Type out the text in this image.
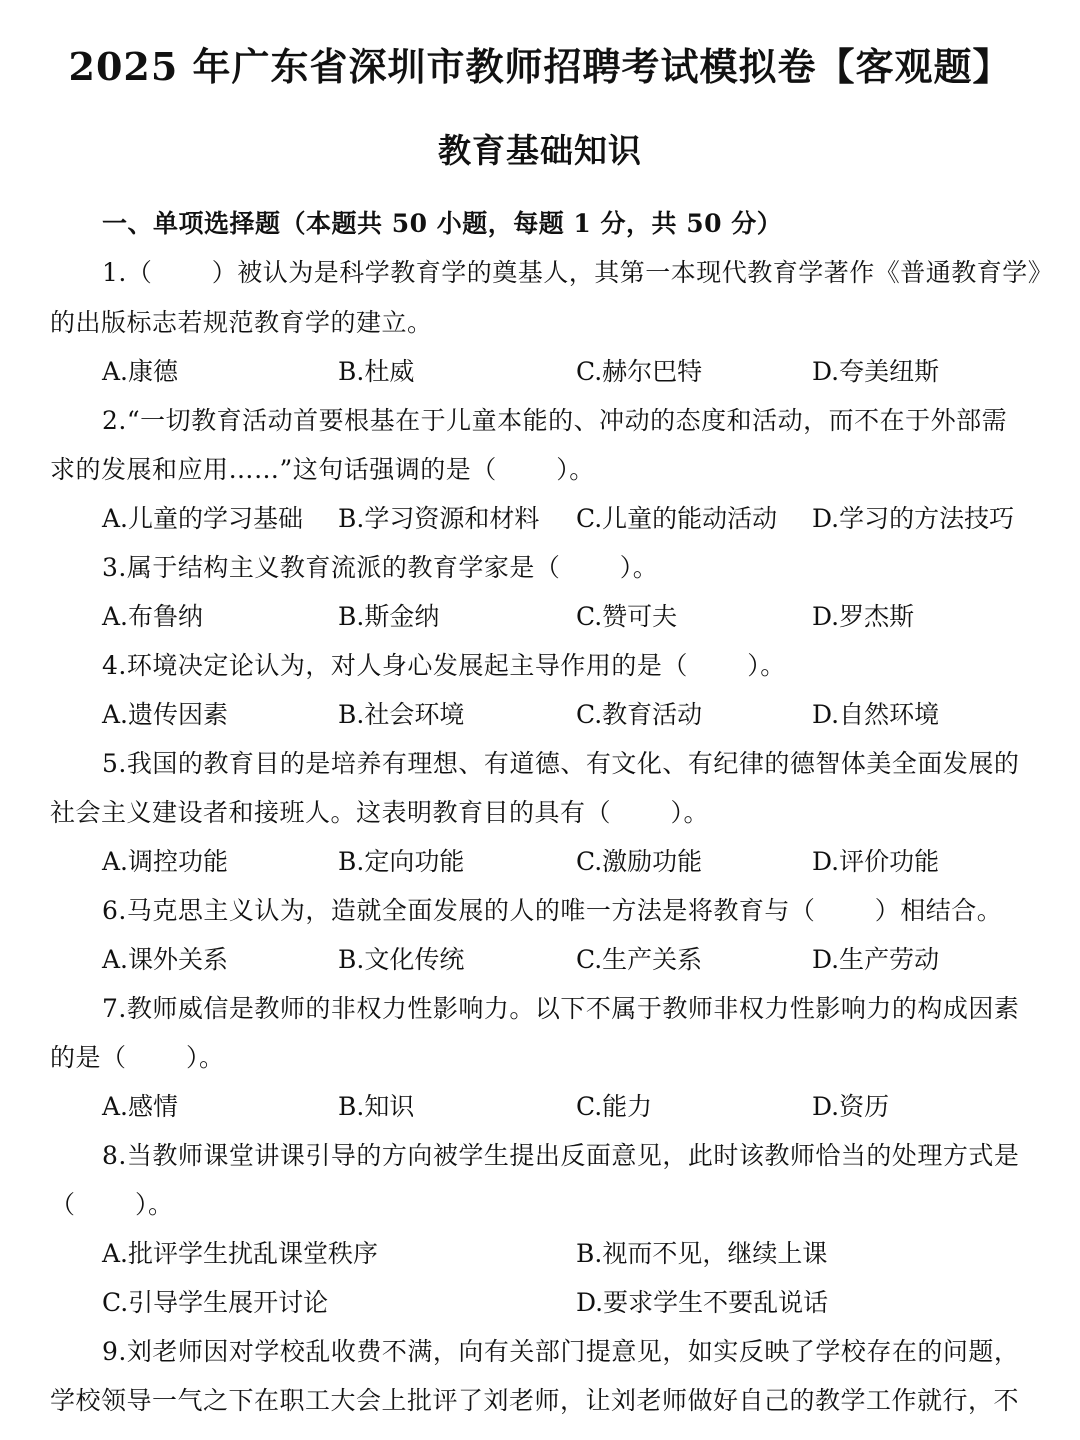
2025 年广东省深圳市教师招聘考试模拟卷【客观题】
教育基础知识
一、单项选择题（本题共 50 小题，每题 1 分，共 50 分）
1.（　　 ）被认为是科学教育学的奠基人，其第一本现代教育学著作《普通教育学》
的出版标志若规范教育学的建立。
A.康德	B.杜威	C.赫尔巴特	D.夸美纽斯
2.“一切教育活动首要根基在于儿童本能的、冲动的态度和活动，而不在于外部需
求的发展和应用……”这句话强调的是（　　 ）。
A.儿童的学习基础 B.学习资源和材料 C.儿童的能动活动 D.学习的方法技巧
3.属于结构主义教育流派的教育学家是（　　 ）。
A.布鲁纳	B.斯金纳	C.赞可夫	D.罗杰斯
4.环境决定论认为，对人身心发展起主导作用的是（　　 ）。
A.遗传因素	B.社会环境	C.教育活动	D.自然环境
5.我国的教育目的是培养有理想、有道德、有文化、有纪律的德智体美全面发展的
社会主义建设者和接班人。这表明教育目的具有（　　 ）。
A.调控功能	B.定向功能	C.激励功能	D.评价功能
6.马克思主义认为，造就全面发展的人的唯一方法是将教育与（　　 ）相结合。
A.课外关系	B.文化传统	C.生产关系	D.生产劳动
7.教师威信是教师的非权力性影响力。以下不属于教师非权力性影响力的构成因素
的是（　　 ）。
A.感情	B.知识	C.能力	D.资历
8.当教师课堂讲课引导的方向被学生提出反面意见，此时该教师恰当的处理方式是
（　　 ）。
A.批评学生扰乱课堂秩序	B.视而不见，继续上课
C.引导学生展开讨论	D.要求学生不要乱说话
9.刘老师因对学校乱收费不满，向有关部门提意见，如实反映了学校存在的问题，
学校领导一气之下在职工大会上批评了刘老师，让刘老师做好自己的教学工作就行，不
